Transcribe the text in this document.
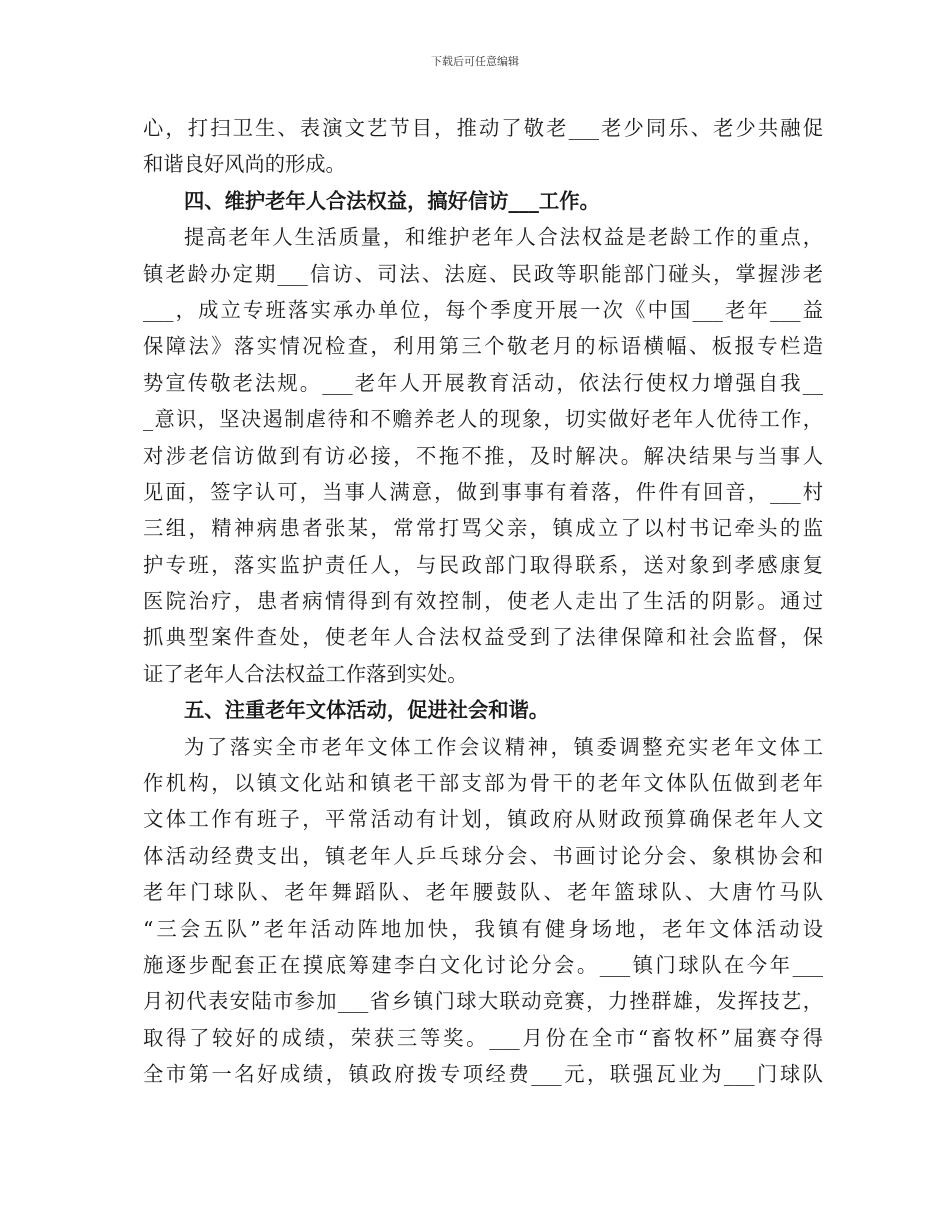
下载后可任意编辑
心，打扫卫生、表演文艺节目，推动了敬老___老少同乐、老少共融促
和谐良好风尚的形成。
四、维护老年人合法权益，搞好信访___工作。
提高老年人生活质量，和维护老年人合法权益是老龄工作的重点，
镇老龄办定期___信访、司法、法庭、民政等职能部门碰头，掌握涉老
___，成立专班落实承办单位，每个季度开展一次《中国___老年___益
保障法》落实情况检查，利用第三个敬老月的标语横幅、板报专栏造
势宣传敬老法规。___老年人开展教育活动，依法行使权力增强自我__
_意识，坚决遏制虐待和不赡养老人的现象，切实做好老年人优待工作，
对涉老信访做到有访必接，不拖不推，及时解决。解决结果与当事人
见面，签字认可，当事人满意，做到事事有着落，件件有回音，___村
三组，精神病患者张某，常常打骂父亲，镇成立了以村书记牵头的监
护专班，落实监护责任人，与民政部门取得联系，送对象到孝感康复
医院治疗，患者病情得到有效控制，使老人走出了生活的阴影。通过
抓典型案件查处，使老年人合法权益受到了法律保障和社会监督，保
证了老年人合法权益工作落到实处。
五、注重老年文体活动，促进社会和谐。
为了落实全市老年文体工作会议精神，镇委调整充实老年文体工
作机构，以镇文化站和镇老干部支部为骨干的老年文体队伍做到老年
文体工作有班子，平常活动有计划，镇政府从财政预算确保老年人文
体活动经费支出，镇老年人乒乓球分会、书画讨论分会、象棋协会和
老年门球队、老年舞蹈队、老年腰鼓队、老年篮球队、大唐竹马队
“三会五队”老年活动阵地加快，我镇有健身场地，老年文体活动设
施逐步配套正在摸底筹建李白文化讨论分会。___镇门球队在今年___
月初代表安陆市参加___省乡镇门球大联动竞赛，力挫群雄，发挥技艺，
取得了较好的成绩，荣获三等奖。___月份在全市“畜牧杯”届赛夺得
全市第一名好成绩，镇政府拨专项经费___元，联强瓦业为___门球队
